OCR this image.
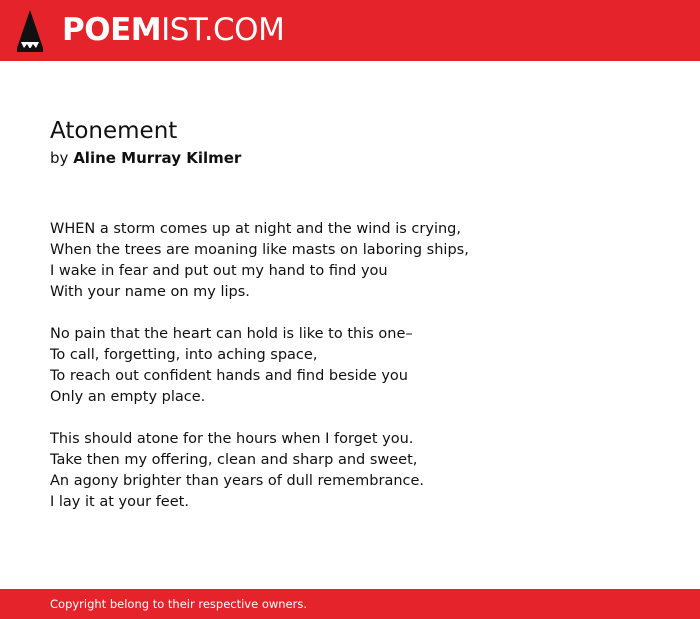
POEMIST.COM
Atonement

by Aline Murray Kilmer

WHEN a storm comes up at night and the wind is crying,
When the trees are moaning like masts on laboring ships,
I wake in fear and put out my hand to find you
With your name on my lips.
No pain that the heart can hold is like to this one–
To call, forgetting, into aching space,
To reach out confident hands and find beside you
Only an empty place.
This should atone for the hours when I forget you.
Take then my offering, clean and sharp and sweet,
An agony brighter than years of dull remembrance.
I lay it at your feet.
Copyright belong to their respective owners.
